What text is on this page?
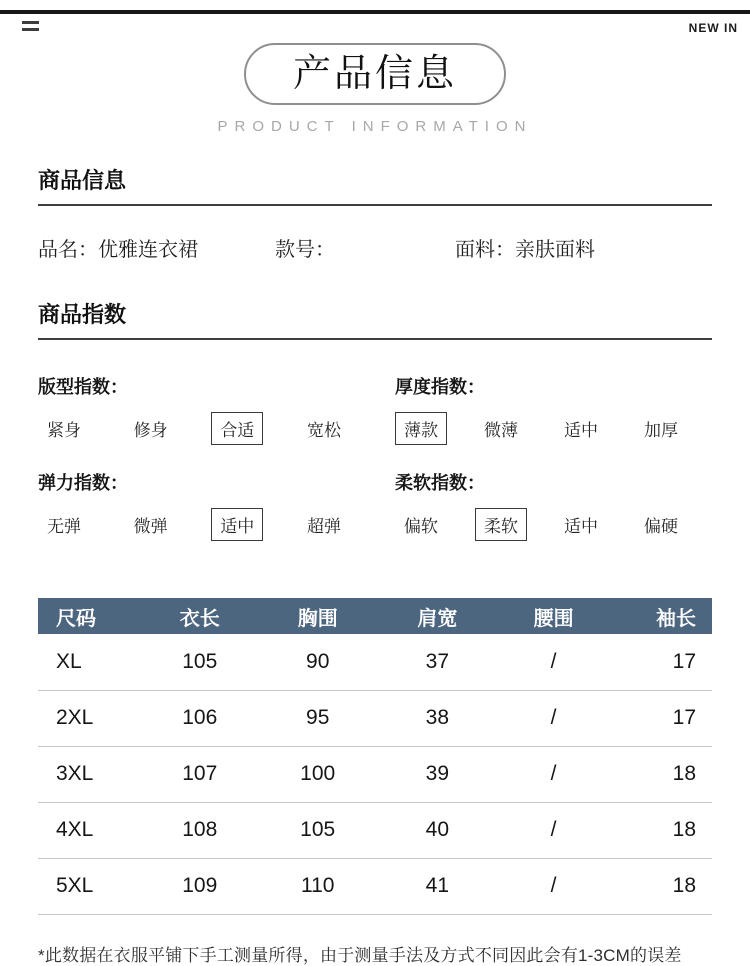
NEW IN
产品信息
PRODUCT INFORMATION
商品信息
品名：优雅连衣裙	款号：	面料：亲肤面料
商品指数
版型指数：
紧身	修身	合适	宽松
厚度指数：
薄款	微薄	适中	加厚
弹力指数：
无弹	微弹	适中	超弹
柔软指数：
偏软	柔软	适中	偏硬
尺码	衣长	胸围	肩宽	腰围	袖长
XL	105	90	37	/	17
2XL	106	95	38	/	17
3XL	107	100	39	/	18
4XL	108	105	40	/	18
5XL	109	110	41	/	18
*此数据在衣服平铺下手工测量所得，由于测量手法及方式不同因此会有1-3CM的误差
